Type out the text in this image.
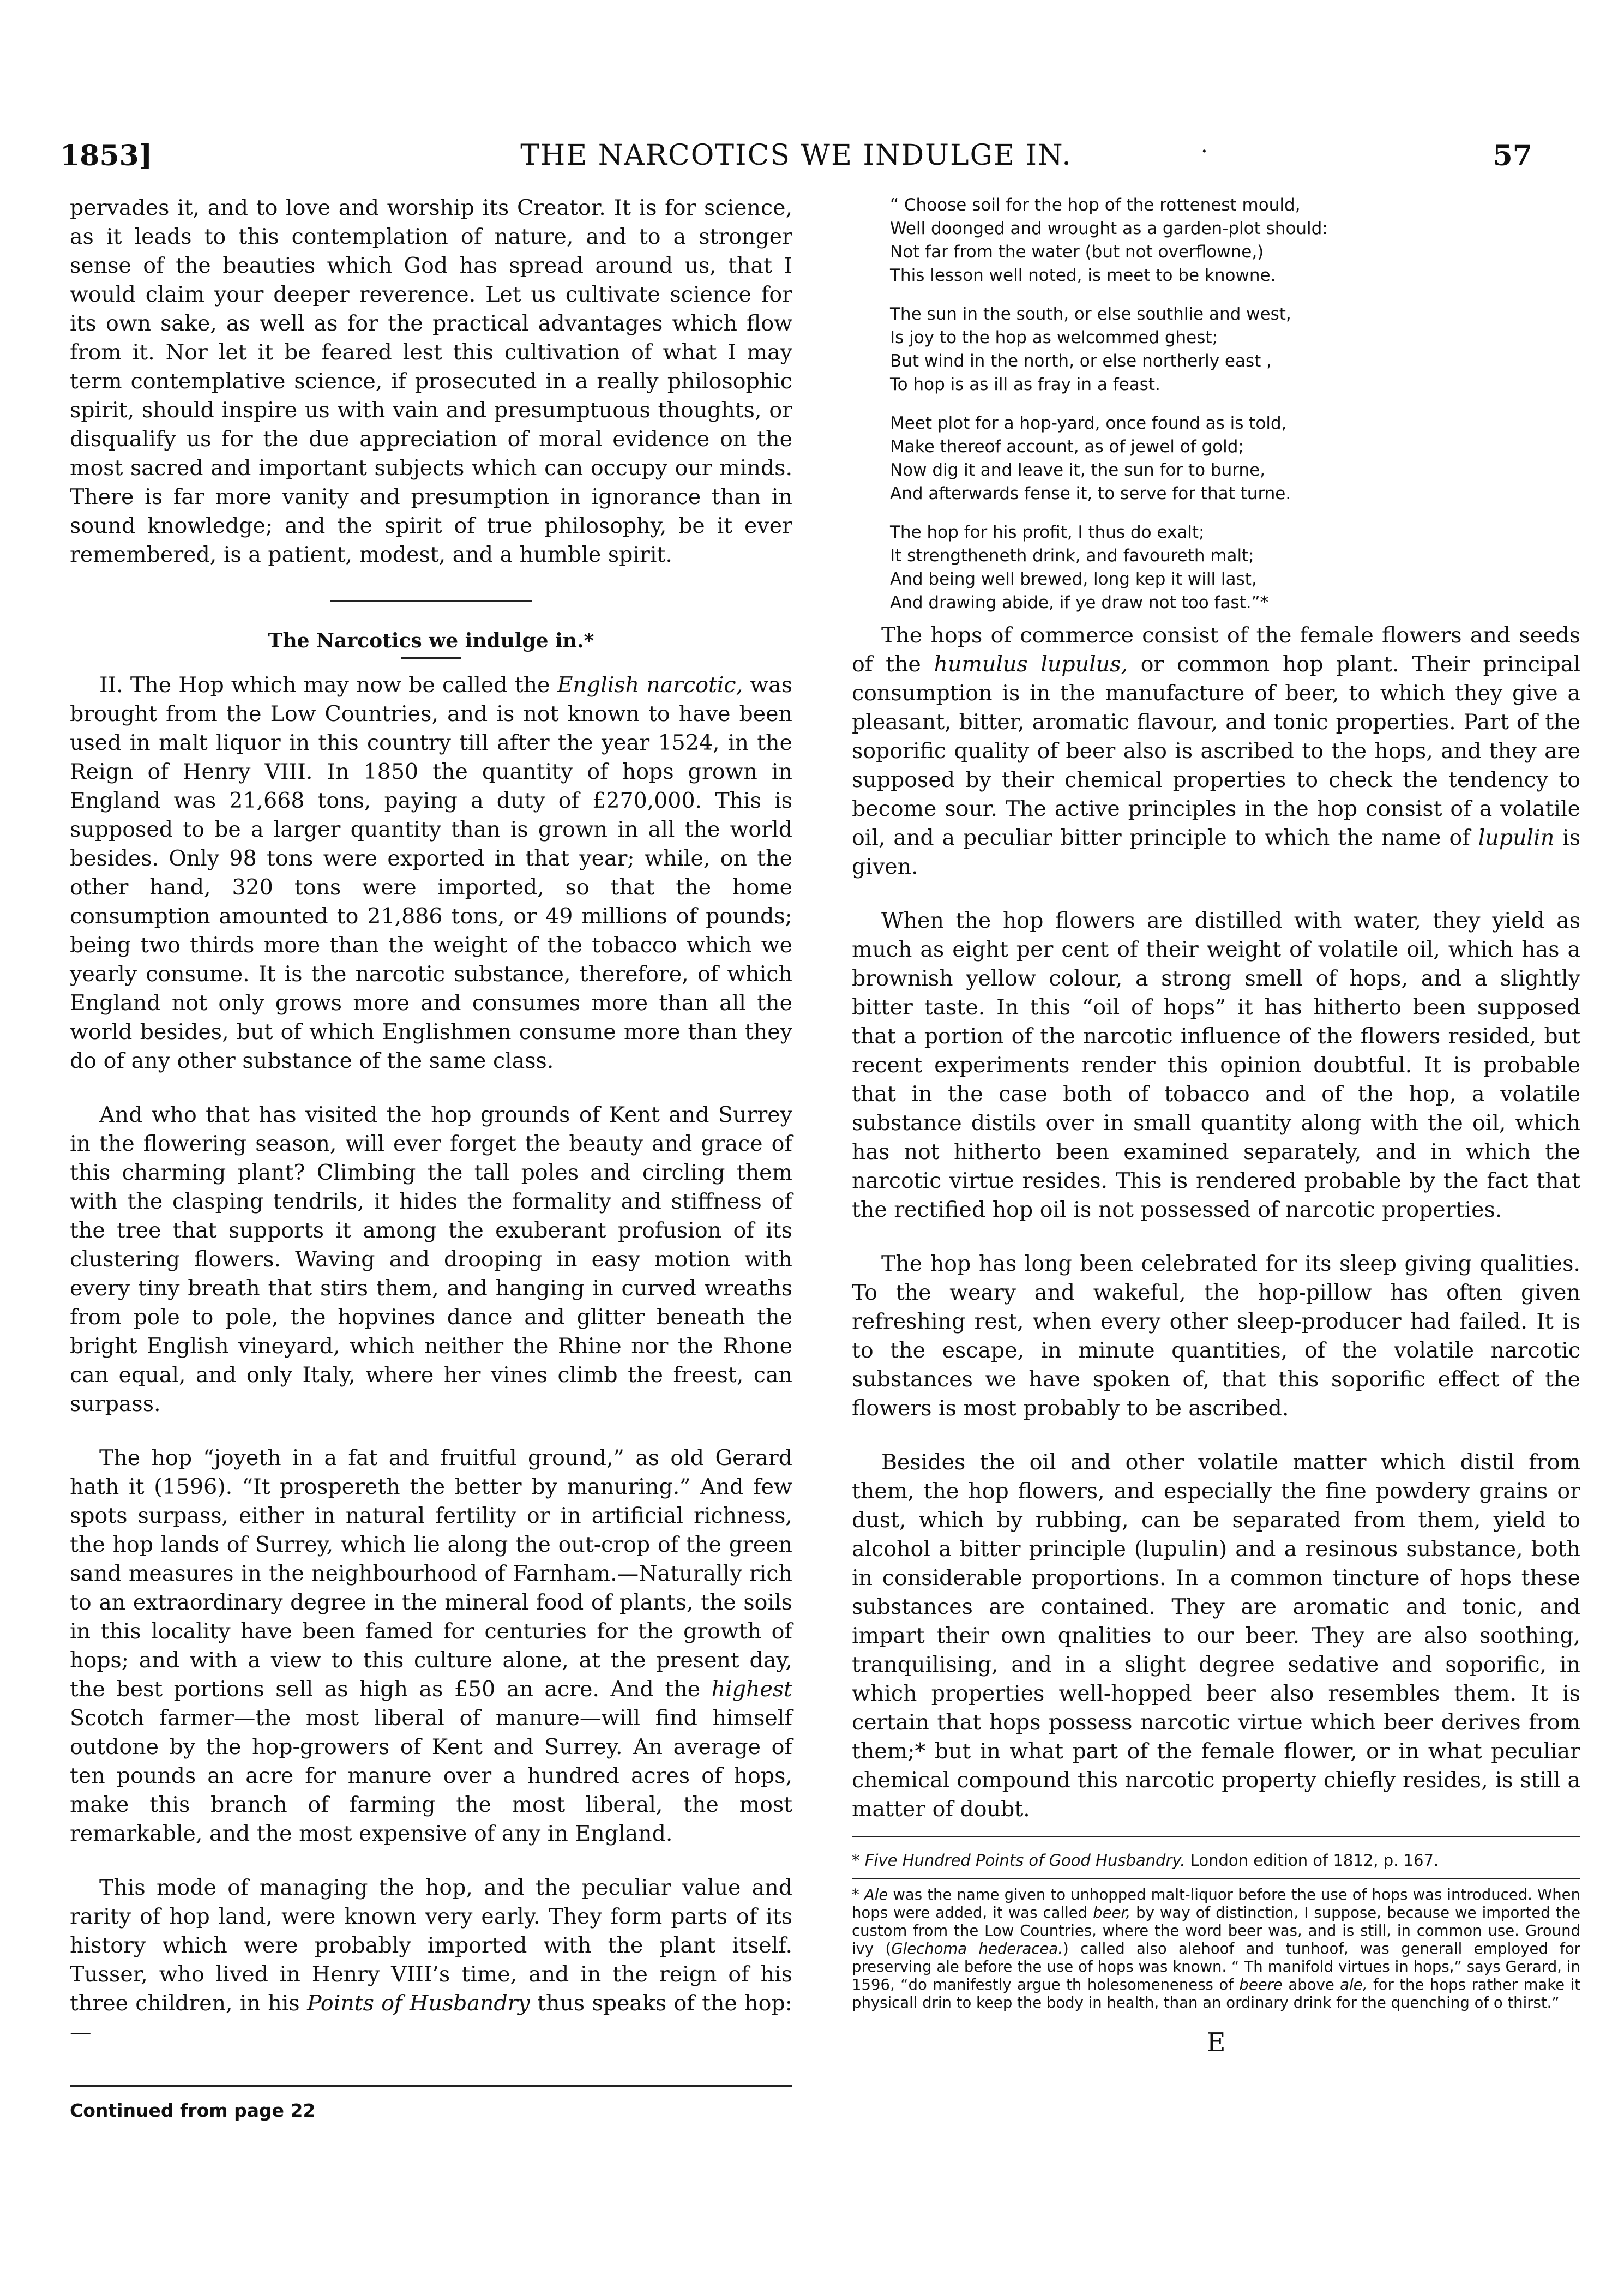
1853]	THE NARCOTICS WE INDULGE IN.	·	57

pervades it, and to love and worship its Creator. It is for science, as it leads to this contemplation of nature, and to a stronger sense of the beauties which God has spread around us, that I would claim your deeper reverence. Let us cultivate science for its own sake, as well as for the practical advantages which flow from it. Nor let it be feared lest this cultivation of what I may term contemplative science, if prosecuted in a really philosophic spirit, should inspire us with vain and presumptuous thoughts, or disqualify us for the due appreciation of moral evidence on the most sacred and important subjects which can occupy our minds. There is far more vanity and presumption in ignorance than in sound knowledge; and the spirit of true philosophy, be it ever remembered, is a patient, modest, and a humble spirit.

The Narcotics we indulge in.*

II. The Hop which may now be called the English narcotic, was brought from the Low Countries, and is not known to have been used in malt liquor in this country till after the year 1524, in the Reign of Henry VIII. In 1850 the quantity of hops grown in England was 21,668 tons, paying a duty of £270,000. This is supposed to be a larger quantity than is grown in all the world besides. Only 98 tons were exported in that year; while, on the other hand, 320 tons were imported, so that the home consumption amounted to 21,886 tons, or 49 millions of pounds; being two thirds more than the weight of the tobacco which we yearly consume. It is the narcotic substance, therefore, of which England not only grows more and consumes more than all the world besides, but of which Englishmen consume more than they do of any other substance of the same class.

And who that has visited the hop grounds of Kent and Surrey in the flowering season, will ever forget the beauty and grace of this charming plant? Climbing the tall poles and circling them with the clasping tendrils, it hides the formality and stiffness of the tree that supports it among the exuberant profusion of its clustering flowers. Waving and drooping in easy motion with every tiny breath that stirs them, and hanging in curved wreaths from pole to pole, the hopvines dance and glitter beneath the bright English vineyard, which neither the Rhine nor the Rhone can equal, and only Italy, where her vines climb the freest, can surpass.

The hop “joyeth in a fat and fruitful ground,” as old Gerard hath it (1596). “It prospereth the better by manuring.” And few spots surpass, either in natural fertility or in artificial richness, the hop lands of Surrey, which lie along the out-crop of the green sand measures in the neighbourhood of Farnham.—Naturally rich to an extraordinary degree in the mineral food of plants, the soils in this locality have been famed for centuries for the growth of hops; and with a view to this culture alone, at the present day, the best portions sell as high as £50 an acre. And the highest Scotch farmer—the most liberal of manure—will find himself outdone by the hop-growers of Kent and Surrey. An average of ten pounds an acre for manure over a hundred acres of hops, make this branch of farming the most liberal, the most remarkable, and the most expensive of any in England.

This mode of managing the hop, and the peculiar value and rarity of hop land, were known very early. They form parts of its history which were probably imported with the plant itself. Tusser, who lived in Henry VIII’s time, and in the reign of his three children, in his Points of Husbandry thus speaks of the hop:—

Continued from page 22
“ Choose soil for the hop of the rottenest mould,
Well doonged and wrought as a garden-plot should:
Not far from the water (but not overflowne,)
This lesson well noted, is meet to be knowne.
The sun in the south, or else southlie and west,
Is joy to the hop as welcommed ghest;
But wind in the north, or else northerly east ,
To hop is as ill as fray in a feast.
Meet plot for a hop-yard, once found as is told,
Make thereof account, as of jewel of gold;
Now dig it and leave it, the sun for to burne,
And afterwards fense it, to serve for that turne.
The hop for his profit, I thus do exalt;
It strengtheneth drink, and favoureth malt;
And being well brewed, long kep it will last,
And drawing abide, if ye draw not too fast.”*

The hops of commerce consist of the female flowers and seeds of the humulus lupulus, or common hop plant. Their principal consumption is in the manufacture of beer, to which they give a pleasant, bitter, aromatic flavour, and tonic properties. Part of the soporific quality of beer also is ascribed to the hops, and they are supposed by their chemical properties to check the tendency to become sour. The active principles in the hop consist of a volatile oil, and a peculiar bitter principle to which the name of lupulin is given.

When the hop flowers are distilled with water, they yield as much as eight per cent of their weight of volatile oil, which has a brownish yellow colour, a strong smell of hops, and a slightly bitter taste. In this “oil of hops” it has hitherto been supposed that a portion of the narcotic influence of the flowers resided, but recent experiments render this opinion doubtful. It is probable that in the case both of tobacco and of the hop, a volatile substance distils over in small quantity along with the oil, which has not hitherto been examined separately, and in which the narcotic virtue resides. This is rendered probable by the fact that the rectified hop oil is not possessed of narcotic properties.

The hop has long been celebrated for its sleep giving qualities. To the weary and wakeful, the hop-pillow has often given refreshing rest, when every other sleep-producer had failed. It is to the escape, in minute quantities, of the volatile narcotic substances we have spoken of, that this soporific effect of the flowers is most probably to be ascribed.

Besides the oil and other volatile matter which distil from them, the hop flowers, and especially the fine powdery grains or dust, which by rubbing, can be separated from them, yield to alcohol a bitter principle (lupulin) and a resinous substance, both in considerable proportions. In a common tincture of hops these substances are contained. They are aromatic and tonic, and impart their own qnalities to our beer. They are also soothing, tranquilising, and in a slight degree sedative and soporific, in which properties well-hopped beer also resembles them. It is certain that hops possess narcotic virtue which beer derives from them;* but in what part of the female flower, or in what peculiar chemical compound this narcotic property chiefly resides, is still a matter of doubt.

* Five Hundred Points of Good Husbandry. London edition of 1812, p. 167.
* Ale was the name given to unhopped malt-liquor before the use of hops was introduced. When hops were added, it was called beer, by way of distinction, I suppose, because we imported the custom from the Low Countries, where the word beer was, and is still, in common use. Ground ivy (Glechoma hederacea.) called also alehoof and tunhoof, was generall employed for preserving ale before the use of hops was known. “ Th manifold virtues in hops,” says Gerard, in 1596, “do manifestly argue th holesomeneness of beere above ale, for the hops rather make it physicall drin to keep the body in health, than an ordinary drink for the quenching of o thirst.”
E
